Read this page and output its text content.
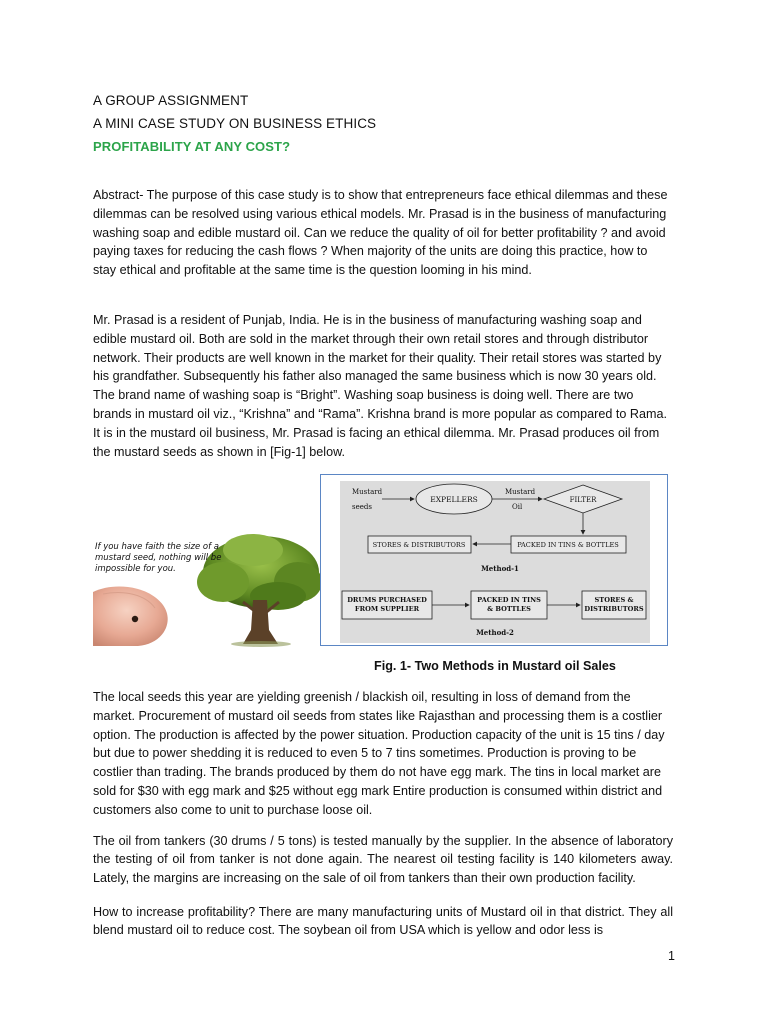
A GROUP ASSIGNMENT
A MINI CASE STUDY ON BUSINESS ETHICS
PROFITABILITY AT ANY COST?

Abstract- The purpose of this case study is to show that entrepreneurs face ethical dilemmas and these dilemmas can be resolved using various ethical models. Mr. Prasad is in the business of manufacturing washing soap and edible mustard oil. Can we reduce the quality of oil for better profitability ? and avoid paying taxes for reducing the cash flows ? When majority of the units are doing this practice, how to stay ethical and profitable at the same time is the question looming in his mind.

Mr. Prasad is a resident of Punjab, India. He is in the business of manufacturing washing soap and edible mustard oil. Both are sold in the market through their own retail stores and through distributor network. Their products are well known in the market for their quality. Their retail stores was started by his grandfather. Subsequently his father also managed the same business which is now 30 years old. The brand name of washing soap is “Bright”. Washing soap business is doing well. There are two brands in mustard oil viz., “Krishna” and “Rama”. Krishna brand is more popular as compared to Rama. It is in the mustard oil business, Mr. Prasad is facing an ethical dilemma. Mr. Prasad produces oil from the mustard seeds as shown in [Fig-1] below.

If you have faith the size of a mustard seed, nothing will be impossible for you.
Mustard
seeds
EXPELLERS
Mustard
Oil
FILTER
PACKED IN TINS & BOTTLES
STORES & DISTRIBUTORS
Method-1
DRUMS PURCHASED
FROM SUPPLIER
PACKED IN TINS
& BOTTLES
STORES &
DISTRIBUTORS
Method-2
Fig. 1- Two Methods in Mustard oil Sales

The local seeds this year are yielding greenish / blackish oil, resulting in loss of demand from the market. Procurement of mustard oil seeds from states like Rajasthan and processing them is a costlier option. The production is affected by the power situation. Production capacity of the unit is 15 tins / day but due to power shedding it is reduced to even 5 to 7 tins sometimes. Production is proving to be costlier than trading. The brands produced by them do not have egg mark. The tins in local market are sold for $30 with egg mark and $25 without egg mark Entire production is consumed within district and customers also come to unit to purchase loose oil.

The oil from tankers (30 drums / 5 tons) is tested manually by the supplier. In the absence of laboratory the testing of oil from tanker is not done again. The nearest oil testing facility is 140 kilometers away. Lately, the margins are increasing on the sale of oil from tankers than their own production facility.

How to increase profitability? There are many manufacturing units of Mustard oil in that district. They all blend mustard oil to reduce cost. The soybean oil from USA which is yellow and odor less is

1
